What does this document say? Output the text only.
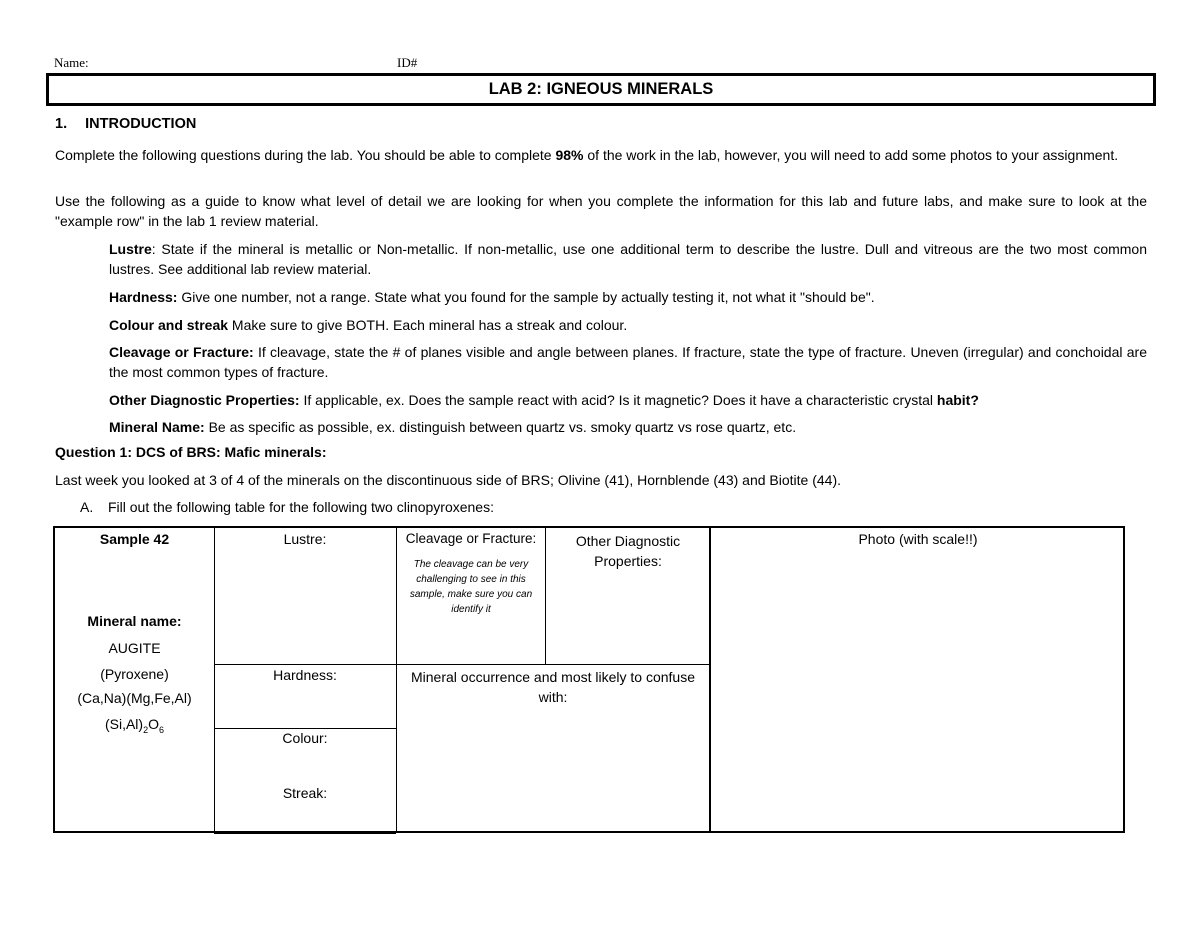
Name:	ID#
LAB 2: IGNEOUS MINERALS
1. INTRODUCTION
Complete the following questions during the lab. You should be able to complete 98% of the work in the lab, however, you will need to add some photos to your assignment.
Use the following as a guide to know what level of detail we are looking for when you complete the information for this lab and future labs, and make sure to look at the "example row" in the lab 1 review material.
Lustre: State if the mineral is metallic or Non-metallic. If non-metallic, use one additional term to describe the lustre. Dull and vitreous are the two most common lustres. See additional lab review material.
Hardness: Give one number, not a range. State what you found for the sample by actually testing it, not what it "should be".
Colour and streak Make sure to give BOTH. Each mineral has a streak and colour.
Cleavage or Fracture: If cleavage, state the # of planes visible and angle between planes. If fracture, state the type of fracture. Uneven (irregular) and conchoidal are the most common types of fracture.
Other Diagnostic Properties: If applicable, ex. Does the sample react with acid? Is it magnetic? Does it have a characteristic crystal habit?
Mineral Name: Be as specific as possible, ex. distinguish between quartz vs. smoky quartz vs rose quartz, etc.
Question 1: DCS of BRS: Mafic minerals:
Last week you looked at 3 of 4 of the minerals on the discontinuous side of BRS; Olivine (41), Hornblende (43) and Biotite (44).
A. Fill out the following table for the following two clinopyroxenes:
Sample 42
Mineral name:
AUGITE
(Pyroxene)
(Ca,Na)(Mg,Fe,Al)
$(Si,Al)_2O_6$
Lustre:
Hardness:
Colour:
Streak:
Cleavage or Fracture:
The cleavage can be very challenging to see in this sample, make sure you can identify it
Mineral occurrence and most likely to confuse with:
Other Diagnostic Properties:
Photo (with scale!!)
